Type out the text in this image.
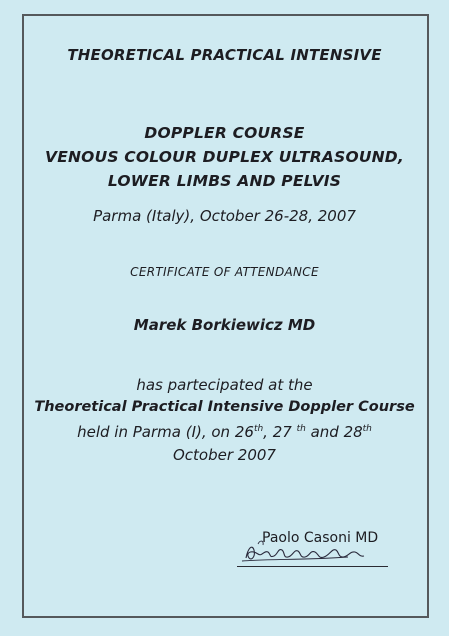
THEORETICAL PRACTICAL INTENSIVE
DOPPLER COURSE
VENOUS COLOUR DUPLEX ULTRASOUND,
LOWER LIMBS AND PELVIS
Parma (Italy), October 26-28, 2007
CERTIFICATE OF ATTENDANCE
Marek Borkiewicz MD
has partecipated at the
Theoretical Practical Intensive Doppler Course
held in Parma (I), on 26th, 27 $^{th}$ and 28th
October 2007
Paolo Casoni MD
